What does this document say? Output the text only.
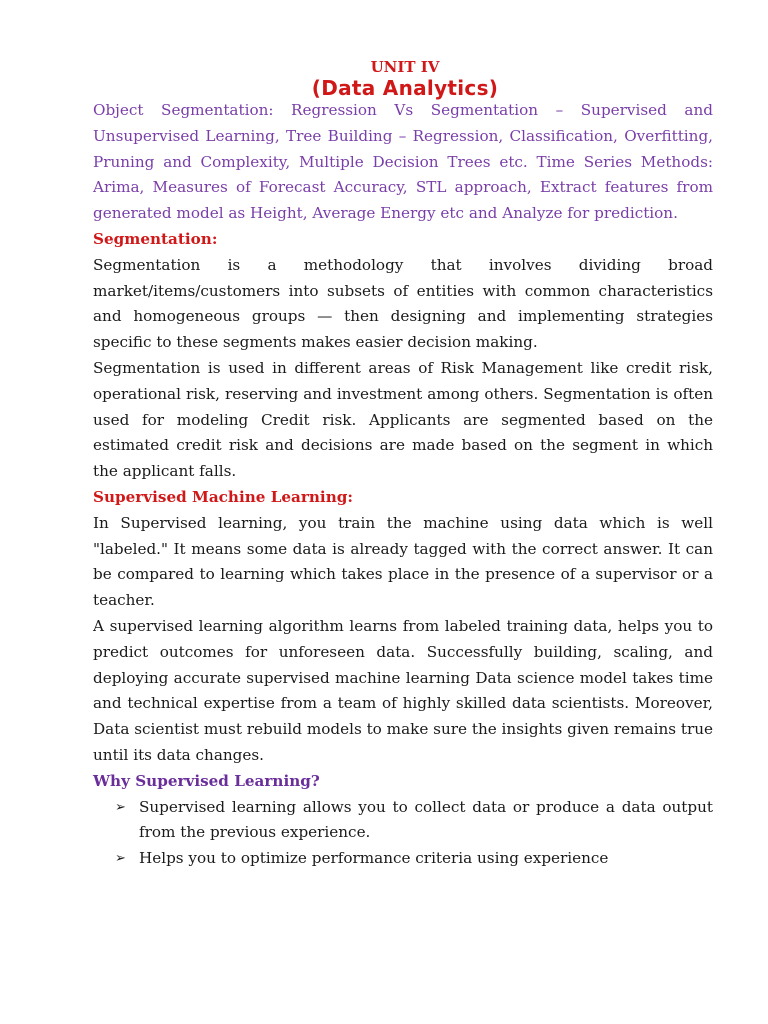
UNIT IV
(Data Analytics)

Object Segmentation: Regression Vs Segmentation – Supervised and Unsupervised Learning, Tree Building – Regression, Classification, Overfitting, Pruning and Complexity, Multiple Decision Trees etc. Time Series Methods: Arima, Measures of Forecast Accuracy, STL approach, Extract features from generated model as Height, Average Energy etc and Analyze for prediction.

Segmentation:

Segmentation is a methodology that involves dividing broad market/items/customers into subsets of entities with common characteristics and homogeneous groups — then designing and implementing strategies specific to these segments makes easier decision making.

Segmentation is used in different areas of Risk Management like credit risk, operational risk, reserving and investment among others. Segmentation is often used for modeling Credit risk. Applicants are segmented based on the estimated credit risk and decisions are made based on the segment in which the applicant falls.

Supervised Machine Learning:

In Supervised learning, you train the machine using data which is well "labeled." It means some data is already tagged with the correct answer. It can be compared to learning which takes place in the presence of a supervisor or a teacher.

A supervised learning algorithm learns from labeled training data, helps you to predict outcomes for unforeseen data. Successfully building, scaling, and deploying accurate supervised machine learning Data science model takes time and technical expertise from a team of highly skilled data scientists. Moreover, Data scientist must rebuild models to make sure the insights given remains true until its data changes.

Why Supervised Learning?
➢ Supervised learning allows you to collect data or produce a data output from the previous experience.
➢ Helps you to optimize performance criteria using experience
